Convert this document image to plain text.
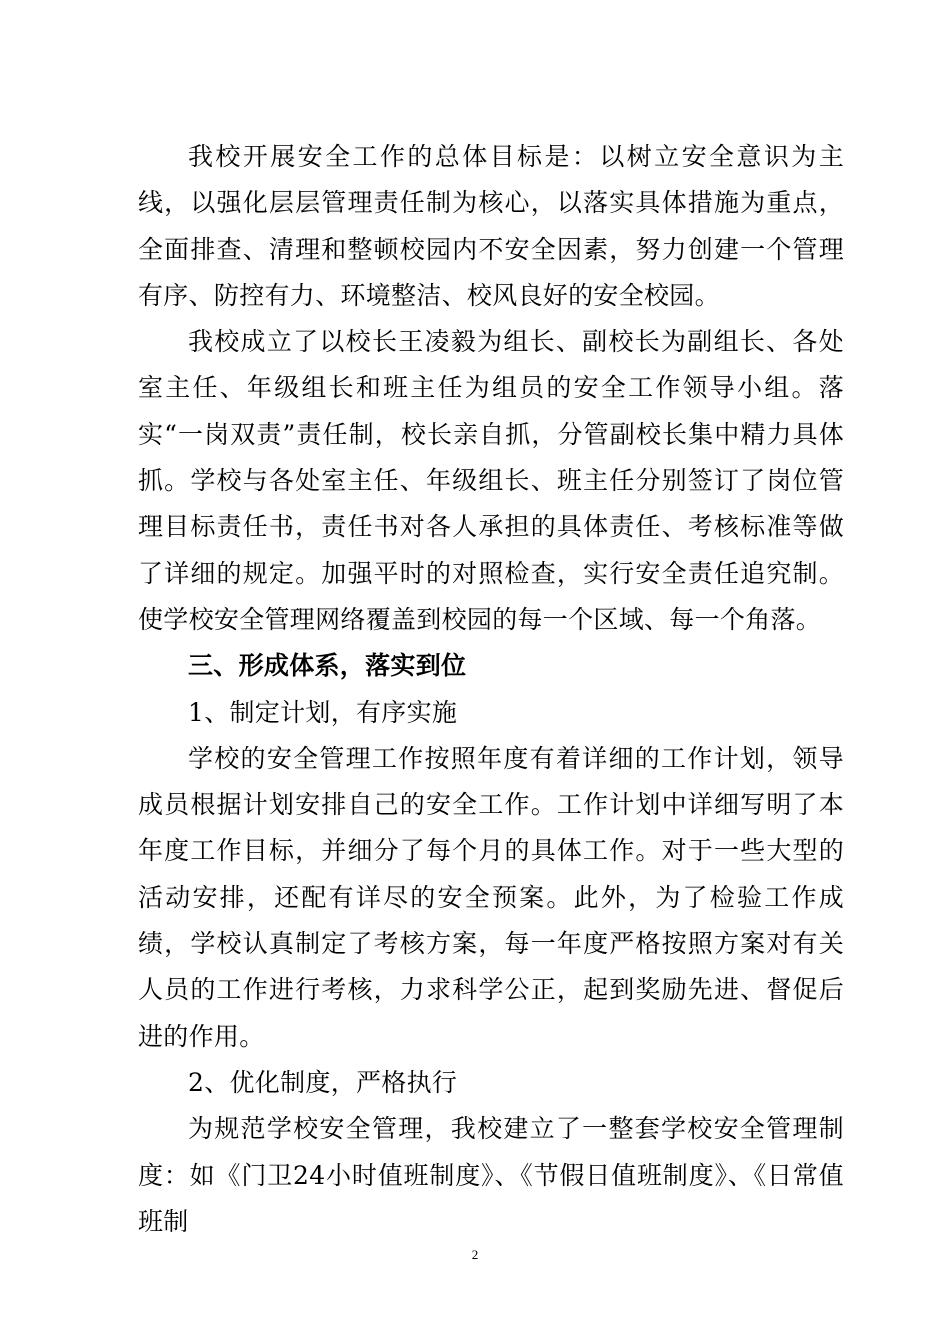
我校开展安全工作的总体目标是：以树立安全意识为主线，以强化层层管理责任制为核心，以落实具体措施为重点，全面排查、清理和整顿校园内不安全因素，努力创建一个管理有序、防控有力、环境整洁、校风良好的安全校园。

我校成立了以校长王凌毅为组长、副校长为副组长、各处室主任、年级组长和班主任为组员的安全工作领导小组。落实“一岗双责”责任制，校长亲自抓，分管副校长集中精力具体抓。学校与各处室主任、年级组长、班主任分别签订了岗位管理目标责任书，责任书对各人承担的具体责任、考核标准等做了详细的规定。加强平时的对照检查，实行安全责任追究制。使学校安全管理网络覆盖到校园的每一个区域、每一个角落。

三、形成体系，落实到位

1、制定计划，有序实施

学校的安全管理工作按照年度有着详细的工作计划，领导成员根据计划安排自己的安全工作。工作计划中详细写明了本年度工作目标，并细分了每个月的具体工作。对于一些大型的活动安排，还配有详尽的安全预案。此外，为了检验工作成绩，学校认真制定了考核方案，每一年度严格按照方案对有关人员的工作进行考核，力求科学公正，起到奖励先进、督促后进的作用。

2、优化制度，严格执行

为规范学校安全管理，我校建立了一整套学校安全管理制度：如《门卫24小时值班制度》、《节假日值班制度》、《日常值班制

2
